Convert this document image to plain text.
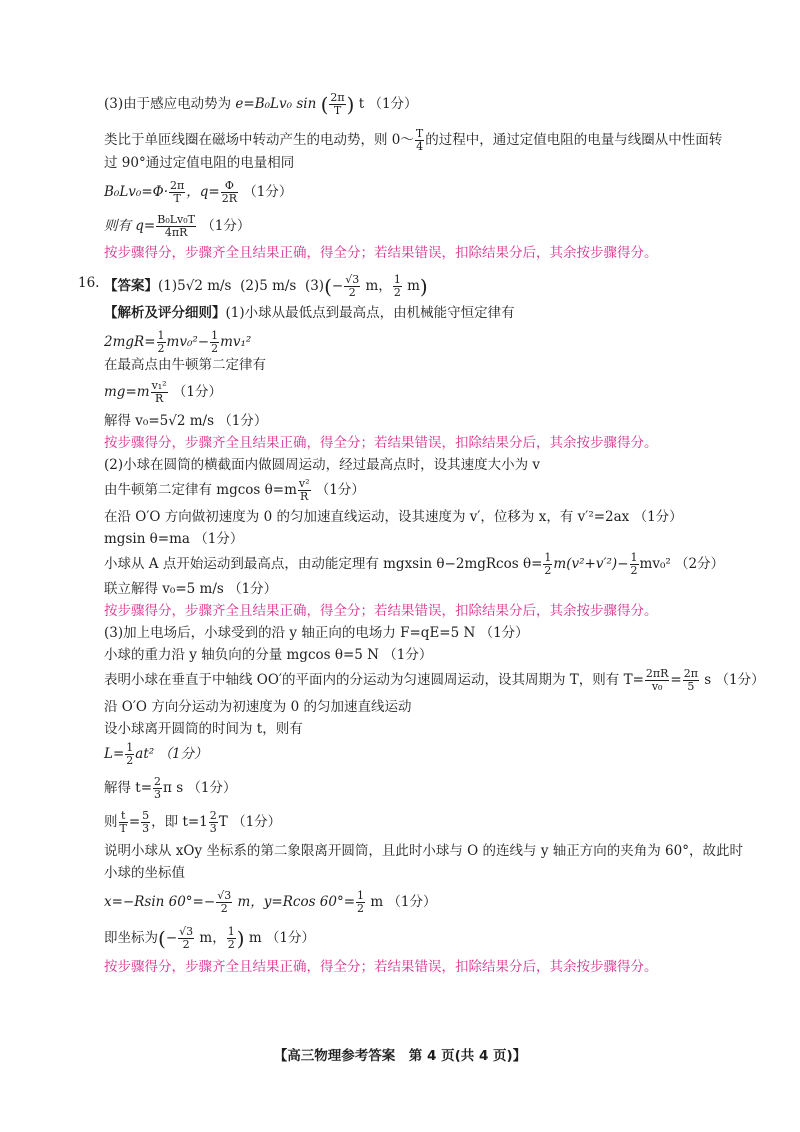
(3)由于感应电动势为 e=B₀Lv₀ sin ( $\frac{2\pi}{T}$ ) t （1分）
类比于单匝线圈在磁场中转动产生的电动势，则 0～ $\frac{T}{4}$ 的过程中，通过定值电阻的电量与线圈从中性面转
过 90°通过定值电阻的电量相同
$B_0Lv_0=\Phi\cdot \frac{2\pi}{T}$ ，$q= \frac{\Phi}{2R} (1$分）
则有 $q= \frac{\text{B₀Lv₀T}}{4\pi R} (1$分）
按步骤得分，步骤齐全且结果正确，得全分；若结果错误，扣除结果分后，其余按步骤得分。
16. 【答案】(1)5√2 m/s (2)5 m/s $(3)(- \frac{√3}{2}$ m， $\frac{1}{2} m$)
【解析及评分细则】(1)小球从最低点到最高点，由机械能守恒定律有
$2mgR= \frac{1}{2} mv_0^2- \frac{1}{2} mv_1^2$
在最高点由牛顿第二定律有
$mg=m \frac{\text{v₁²}}{R} (1$分）
解得 v₀=5√2 m/s （1分）
按步骤得分，步骤齐全且结果正确，得全分；若结果错误，扣除结果分后，其余按步骤得分。
(2)小球在圆筒的横截面内做圆周运动，经过最高点时，设其速度大小为 v
由牛顿第二定律有 mgcos $\theta=m \frac{\text{v²}}{R} (1$分）
在沿 O′O 方向做初速度为 0 的匀加速直线运动，设其速度为 v′，位移为 x，有 v′²=2ax （1分）
mgsin θ=ma （1分）
小球从 A 点开始运动到最高点，由动能定理有 mgxsin θ−2mgRcos $\theta= \frac{1}{2} m(v^2+v'^2)- \frac{1}{2} mv_0^2$ （2分）
联立解得 v₀=5 m/s （1分）
按步骤得分，步骤齐全且结果正确，得全分；若结果错误，扣除结果分后，其余按步骤得分。
(3)加上电场后，小球受到的沿 y 轴正向的电场力 F=qE=5 N （1分）
小球的重力沿 y 轴负向的分量 mgcos θ=5 N （1分）
表明小球在垂直于中轴线 OO′的平面内的分运动为匀速圆周运动，设其周期为 T，则有 $T= \frac{2\pi R}{\text{v₀}} = \frac{2\pi}{5}$ s （1分）
沿 O′O 方向分运动为初速度为 0 的匀加速直线运动
设小球离开圆筒的时间为 t，则有
$L= \frac{1}{2} at^2$ （1分）
解得 $t= \frac{2}{3}$ π s （1分）
则 $\frac{t}{T} = \frac{5}{3}$ ，即 $t=1 \frac{2}{3}$ T （1分）
说明小球从 xOy 坐标系的第二象限离开圆筒，且此时小球与 O 的连线与 y 轴正方向的夹角为 60°，故此时
小球的坐标值
x=−Rsin $60^\circ=- \frac{√3}{2}$ m，y=Rcos $60^\circ= \frac{1}{2}$ m （1分）
即坐标为(− $\frac{√3}{2}$ m， $\frac{1}{2}$ ) m （1分）
按步骤得分，步骤齐全且结果正确，得全分；若结果错误，扣除结果分后，其余按步骤得分。
【高三物理参考答案　第 4 页(共 4 页)】
